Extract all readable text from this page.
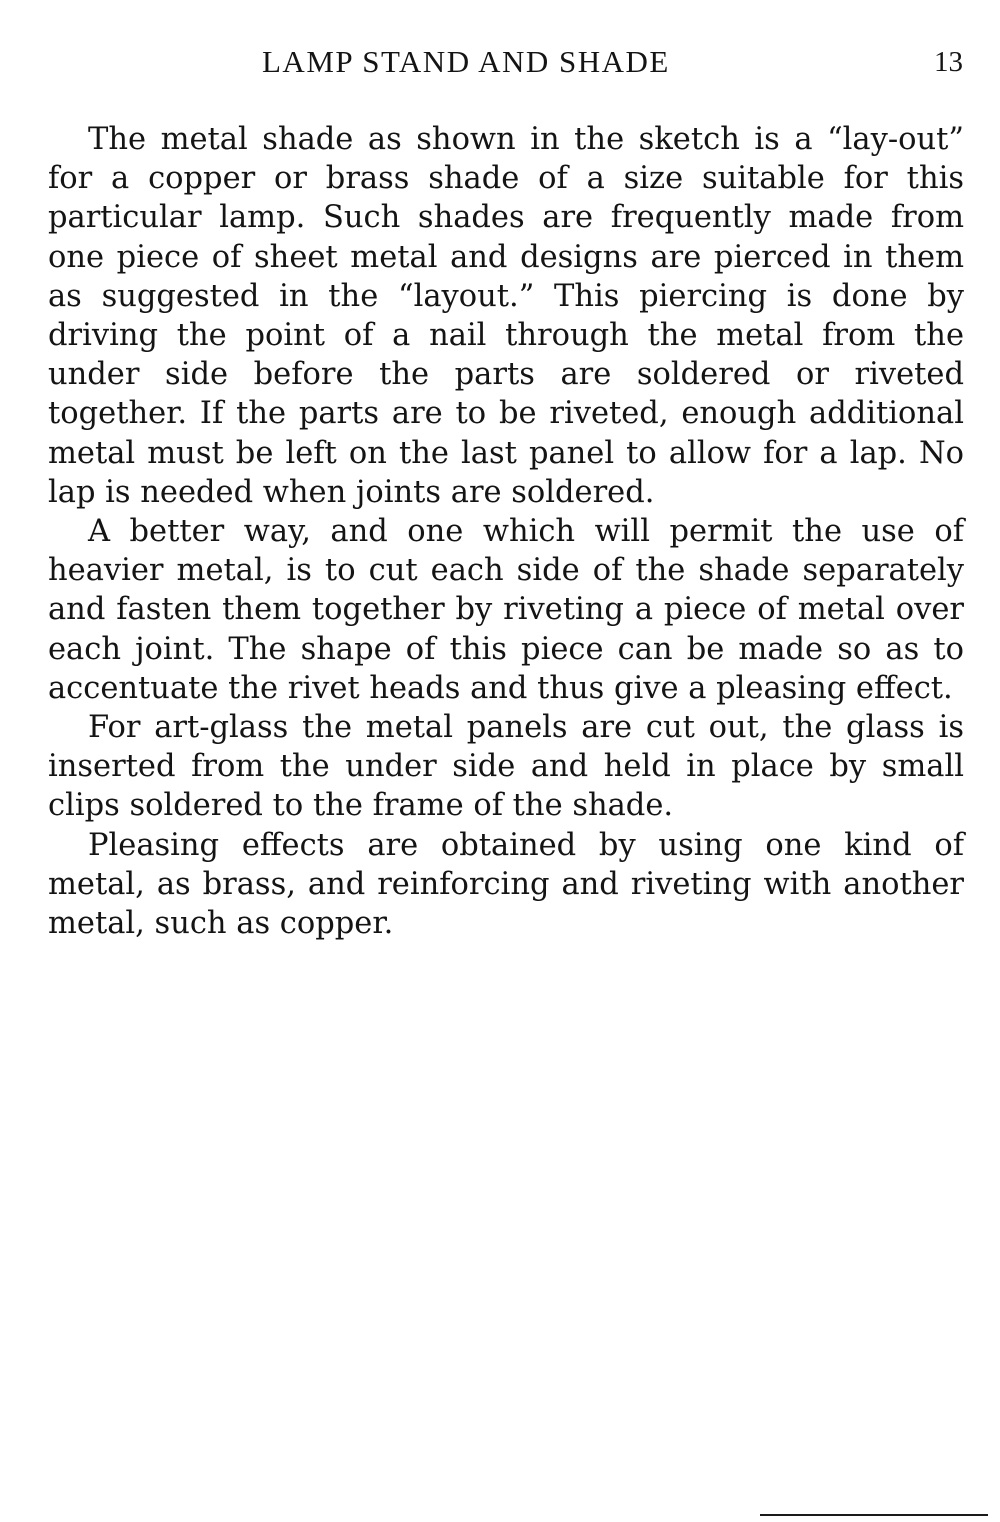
LAMP STAND AND SHADE	13

The metal shade as shown in the sketch is a “lay-out” for a copper or brass shade of a size suitable for this particular lamp. Such shades are frequently made from one piece of sheet metal and designs are pierced in them as suggested in the “layout.” This piercing is done by driving the point of a nail through the metal from the under side before the parts are soldered or riveted together. If the parts are to be riveted, enough additional metal must be left on the last panel to allow for a lap. No lap is needed when joints are soldered.

A better way, and one which will permit the use of heavier metal, is to cut each side of the shade separately and fasten them together by riveting a piece of metal over each joint. The shape of this piece can be made so as to accentuate the rivet heads and thus give a pleasing effect.

For art-glass the metal panels are cut out, the glass is inserted from the under side and held in place by small clips soldered to the frame of the shade.

Pleasing effects are obtained by using one kind of metal, as brass, and reinforcing and riveting with another metal, such as copper.
